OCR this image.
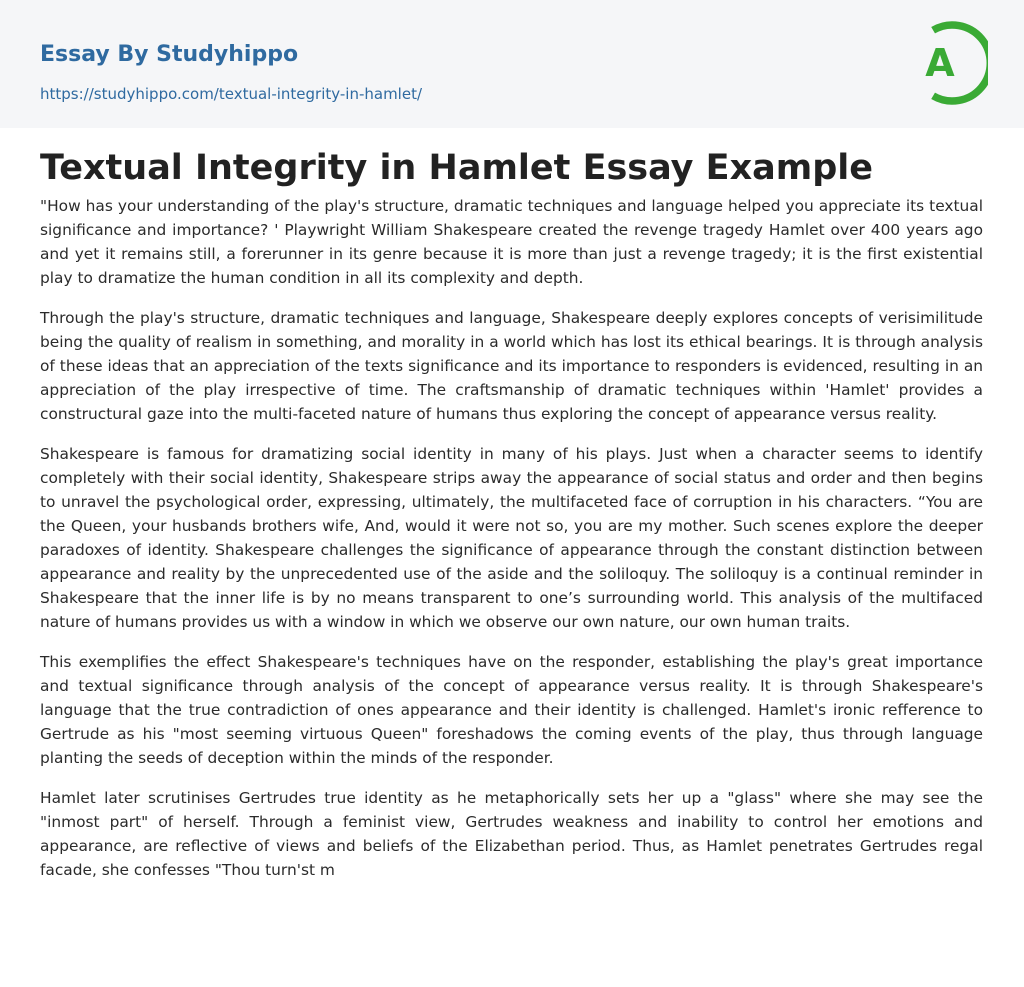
Essay By Studyhippo
https://studyhippo.com/textual-integrity-in-hamlet/
A
Textual Integrity in Hamlet Essay Example

"How has your understanding of the play's structure, dramatic techniques and language helped you appreciate its textual significance and importance? ' Playwright William Shakespeare created the revenge tragedy Hamlet over 400 years ago and yet it remains still, a forerunner in its genre because it is more than just a revenge tragedy; it is the first existential play to dramatize the human condition in all its complexity and depth.

Through the play's structure, dramatic techniques and language, Shakespeare deeply explores concepts of verisimilitude being the quality of realism in something, and morality in a world which has lost its ethical bearings. It is through analysis of these ideas that an appreciation of the texts significance and its importance to responders is evidenced, resulting in an appreciation of the play irrespective of time. The craftsmanship of dramatic techniques within 'Hamlet' provides a constructural gaze into the multi-faceted nature of humans thus exploring the concept of appearance versus reality.

Shakespeare is famous for dramatizing social identity in many of his plays. Just when a character seems to identify completely with their social identity, Shakespeare strips away the appearance of social status and order and then begins to unravel the psychological order, expressing, ultimately, the multifaceted face of corruption in his characters. “You are the Queen, your husbands brothers wife, And, would it were not so, you are my mother. Such scenes explore the deeper paradoxes of identity. Shakespeare challenges the significance of appearance through the constant distinction between appearance and reality by the unprecedented use of the aside and the soliloquy. The soliloquy is a continual reminder in Shakespeare that the inner life is by no means transparent to one’s surrounding world. This analysis of the multifaced nature of humans provides us with a window in which we observe our own nature, our own human traits.

This exemplifies the effect Shakespeare's techniques have on the responder, establishing the play's great importance and textual significance through analysis of the concept of appearance versus reality. It is through Shakespeare's language that the true contradiction of ones appearance and their identity is challenged. Hamlet's ironic refference to Gertrude as his "most seeming virtuous Queen" foreshadows the coming events of the play, thus through language planting the seeds of deception within the minds of the responder.

Hamlet later scrutinises Gertrudes true identity as he metaphorically sets her up a "glass" where she may see the "inmost part" of herself. Through a feminist view, Gertrudes weakness and inability to control her emotions and appearance, are reflective of views and beliefs of the Elizabethan period. Thus, as Hamlet penetrates Gertrudes regal facade, she confesses "Thou turn'st m
